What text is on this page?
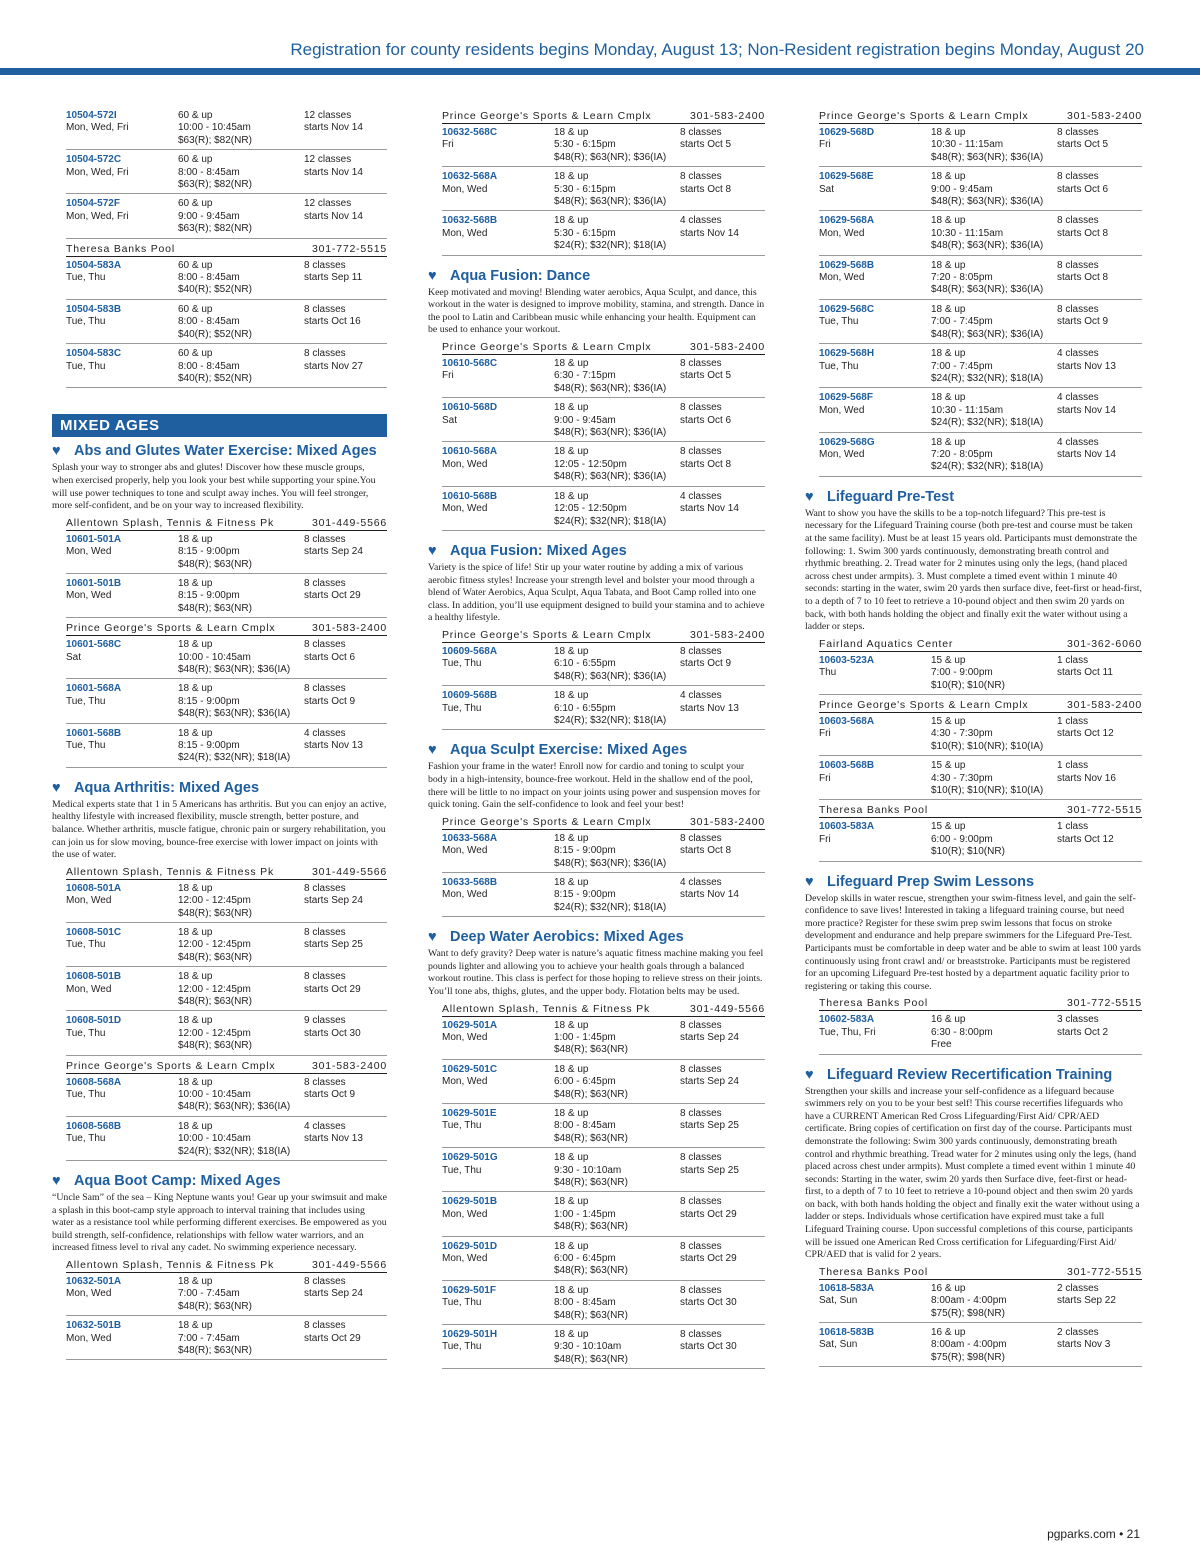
Registration for county residents begins Monday, August 13; Non-Resident registration begins Monday, August 20
10504-572I	60 & up	12 classes
Mon, Wed, Fri	10:00 - 10:45am	starts Nov 14
$63(R); $82(NR)
10504-572C	60 & up	12 classes
Mon, Wed, Fri	8:00 - 8:45am	starts Nov 14
$63(R); $82(NR)
10504-572F	60 & up	12 classes
Mon, Wed, Fri	9:00 - 9:45am	starts Nov 14
$63(R); $82(NR)
Theresa Banks Pool	301-772-5515
10504-583A	60 & up	8 classes
Tue, Thu	8:00 - 8:45am	starts Sep 11
$40(R); $52(NR)
10504-583B	60 & up	8 classes
Tue, Thu	8:00 - 8:45am	starts Oct 16
$40(R); $52(NR)
10504-583C	60 & up	8 classes
Tue, Thu	8:00 - 8:45am	starts Nov 27
$40(R); $52(NR)
MIXED AGES
♥ Abs and Glutes Water Exercise: Mixed Ages
Splash your way to stronger abs and glutes! Discover how these muscle groups, when exercised properly, help you look your best while supporting your spine.You will use power techniques to tone and sculpt away inches. You will feel stronger, more self-confident, and be on your way to increased flexibility.
Allentown Splash, Tennis & Fitness Pk	301-449-5566
10601-501A	18 & up	8 classes
Mon, Wed	8:15 - 9:00pm	starts Sep 24
$48(R); $63(NR)
10601-501B	18 & up	8 classes
Mon, Wed	8:15 - 9:00pm	starts Oct 29
$48(R); $63(NR)
Prince George's Sports & Learn Cmplx	301-583-2400
10601-568C	18 & up	8 classes
Sat	10:00 - 10:45am	starts Oct 6
$48(R); $63(NR); $36(IA)
10601-568A	18 & up	8 classes
Tue, Thu	8:15 - 9:00pm	starts Oct 9
$48(R); $63(NR); $36(IA)
10601-568B	18 & up	4 classes
Tue, Thu	8:15 - 9:00pm	starts Nov 13
$24(R); $32(NR); $18(IA)
♥ Aqua Arthritis: Mixed Ages
Medical experts state that 1 in 5 Americans has arthritis. But you can enjoy an active, healthy lifestyle with increased flexibility, muscle strength, better posture, and balance. Whether arthritis, muscle fatigue, chronic pain or surgery rehabilitation, you can join us for slow moving, bounce-free exercise with lower impact on joints with the use of water.
Allentown Splash, Tennis & Fitness Pk	301-449-5566
10608-501A	18 & up	8 classes
Mon, Wed	12:00 - 12:45pm	starts Sep 24
$48(R); $63(NR)
10608-501C	18 & up	8 classes
Tue, Thu	12:00 - 12:45pm	starts Sep 25
$48(R); $63(NR)
10608-501B	18 & up	8 classes
Mon, Wed	12:00 - 12:45pm	starts Oct 29
$48(R); $63(NR)
10608-501D	18 & up	9 classes
Tue, Thu	12:00 - 12:45pm	starts Oct 30
$48(R); $63(NR)
Prince George's Sports & Learn Cmplx	301-583-2400
10608-568A	18 & up	8 classes
Tue, Thu	10:00 - 10:45am	starts Oct 9
$48(R); $63(NR); $36(IA)
10608-568B	18 & up	4 classes
Tue, Thu	10:00 - 10:45am	starts Nov 13
$24(R); $32(NR); $18(IA)
♥ Aqua Boot Camp: Mixed Ages
“Uncle Sam” of the sea – King Neptune wants you! Gear up your swimsuit and make a splash in this boot-camp style approach to interval training that includes using water as a resistance tool while performing different exercises. Be empowered as you build strength, self-confidence, relationships with fellow water warriors, and an increased fitness level to rival any cadet. No swimming experience necessary.
Allentown Splash, Tennis & Fitness Pk	301-449-5566
10632-501A	18 & up	8 classes
Mon, Wed	7:00 - 7:45am	starts Sep 24
$48(R); $63(NR)
10632-501B	18 & up	8 classes
Mon, Wed	7:00 - 7:45am	starts Oct 29
$48(R); $63(NR)
Prince George's Sports & Learn Cmplx	301-583-2400
10632-568C	18 & up	8 classes
Fri	5:30 - 6:15pm	starts Oct 5
$48(R); $63(NR); $36(IA)
10632-568A	18 & up	8 classes
Mon, Wed	5:30 - 6:15pm	starts Oct 8
$48(R); $63(NR); $36(IA)
10632-568B	18 & up	4 classes
Mon, Wed	5:30 - 6:15pm	starts Nov 14
$24(R); $32(NR); $18(IA)
♥ Aqua Fusion: Dance
Keep motivated and moving! Blending water aerobics, Aqua Sculpt, and dance, this workout in the water is designed to improve mobility, stamina, and strength. Dance in the pool to Latin and Caribbean music while enhancing your health. Equipment can be used to enhance your workout.
Prince George's Sports & Learn Cmplx	301-583-2400
10610-568C	18 & up	8 classes
Fri	6:30 - 7:15pm	starts Oct 5
$48(R); $63(NR); $36(IA)
10610-568D	18 & up	8 classes
Sat	9:00 - 9:45am	starts Oct 6
$48(R); $63(NR); $36(IA)
10610-568A	18 & up	8 classes
Mon, Wed	12:05 - 12:50pm	starts Oct 8
$48(R); $63(NR); $36(IA)
10610-568B	18 & up	4 classes
Mon, Wed	12:05 - 12:50pm	starts Nov 14
$24(R); $32(NR); $18(IA)
♥ Aqua Fusion: Mixed Ages
Variety is the spice of life! Stir up your water routine by adding a mix of various aerobic fitness styles! Increase your strength level and bolster your mood through a blend of Water Aerobics, Aqua Sculpt, Aqua Tabata, and Boot Camp rolled into one class. In addition, you’ll use equipment designed to build your stamina and to achieve a healthy lifestyle.
Prince George's Sports & Learn Cmplx	301-583-2400
10609-568A	18 & up	8 classes
Tue, Thu	6:10 - 6:55pm	starts Oct 9
$48(R); $63(NR); $36(IA)
10609-568B	18 & up	4 classes
Tue, Thu	6:10 - 6:55pm	starts Nov 13
$24(R); $32(NR); $18(IA)
♥ Aqua Sculpt Exercise: Mixed Ages
Fashion your frame in the water! Enroll now for cardio and toning to sculpt your body in a high-intensity, bounce-free workout. Held in the shallow end of the pool, there will be little to no impact on your joints using power and suspension moves for quick toning. Gain the self-confidence to look and feel your best!
Prince George's Sports & Learn Cmplx	301-583-2400
10633-568A	18 & up	8 classes
Mon, Wed	8:15 - 9:00pm	starts Oct 8
$48(R); $63(NR); $36(IA)
10633-568B	18 & up	4 classes
Mon, Wed	8:15 - 9:00pm	starts Nov 14
$24(R); $32(NR); $18(IA)
♥ Deep Water Aerobics: Mixed Ages
Want to defy gravity? Deep water is nature’s aquatic fitness machine making you feel pounds lighter and allowing you to achieve your health goals through a balanced workout routine. This class is perfect for those hoping to relieve stress on their joints. You’ll tone abs, thighs, glutes, and the upper body. Flotation belts may be used.
Allentown Splash, Tennis & Fitness Pk	301-449-5566
10629-501A	18 & up	8 classes
Mon, Wed	1:00 - 1:45pm	starts Sep 24
$48(R); $63(NR)
10629-501C	18 & up	8 classes
Mon, Wed	6:00 - 6:45pm	starts Sep 24
$48(R); $63(NR)
10629-501E	18 & up	8 classes
Tue, Thu	8:00 - 8:45am	starts Sep 25
$48(R); $63(NR)
10629-501G	18 & up	8 classes
Tue, Thu	9:30 - 10:10am	starts Sep 25
$48(R); $63(NR)
10629-501B	18 & up	8 classes
Mon, Wed	1:00 - 1:45pm	starts Oct 29
$48(R); $63(NR)
10629-501D	18 & up	8 classes
Mon, Wed	6:00 - 6:45pm	starts Oct 29
$48(R); $63(NR)
10629-501F	18 & up	8 classes
Tue, Thu	8:00 - 8:45am	starts Oct 30
$48(R); $63(NR)
10629-501H	18 & up	8 classes
Tue, Thu	9:30 - 10:10am	starts Oct 30
$48(R); $63(NR)
Prince George's Sports & Learn Cmplx	301-583-2400
10629-568D	18 & up	8 classes
Fri	10:30 - 11:15am	starts Oct 5
$48(R); $63(NR); $36(IA)
10629-568E	18 & up	8 classes
Sat	9:00 - 9:45am	starts Oct 6
$48(R); $63(NR); $36(IA)
10629-568A	18 & up	8 classes
Mon, Wed	10:30 - 11:15am	starts Oct 8
$48(R); $63(NR); $36(IA)
10629-568B	18 & up	8 classes
Mon, Wed	7:20 - 8:05pm	starts Oct 8
$48(R); $63(NR); $36(IA)
10629-568C	18 & up	8 classes
Tue, Thu	7:00 - 7:45pm	starts Oct 9
$48(R); $63(NR); $36(IA)
10629-568H	18 & up	4 classes
Tue, Thu	7:00 - 7:45pm	starts Nov 13
$24(R); $32(NR); $18(IA)
10629-568F	18 & up	4 classes
Mon, Wed	10:30 - 11:15am	starts Nov 14
$24(R); $32(NR); $18(IA)
10629-568G	18 & up	4 classes
Mon, Wed	7:20 - 8:05pm	starts Nov 14
$24(R); $32(NR); $18(IA)
♥ Lifeguard Pre-Test
Want to show you have the skills to be a top-notch lifeguard? This pre-test is necessary for the Lifeguard Training course (both pre-test and course must be taken at the same facility). Must be at least 15 years old. Participants must demonstrate the following: 1. Swim 300 yards continuously, demonstrating breath control and rhythmic breathing. 2. Tread water for 2 minutes using only the legs, (hand placed across chest under armpits). 3. Must complete a timed event within 1 minute 40 seconds: starting in the water, swim 20 yards then surface dive, feet-first or head-first, to a depth of 7 to 10 feet to retrieve a 10-pound object and then swim 20 yards on back, with both hands holding the object and finally exit the water without using a ladder or steps.
Fairland Aquatics Center	301-362-6060
10603-523A	15 & up	1 class
Thu	7:00 - 9:00pm	starts Oct 11
$10(R); $10(NR)
Prince George's Sports & Learn Cmplx	301-583-2400
10603-568A	15 & up	1 class
Fri	4:30 - 7:30pm	starts Oct 12
$10(R); $10(NR); $10(IA)
10603-568B	15 & up	1 class
Fri	4:30 - 7:30pm	starts Nov 16
$10(R); $10(NR); $10(IA)
Theresa Banks Pool	301-772-5515
10603-583A	15 & up	1 class
Fri	6:00 - 9:00pm	starts Oct 12
$10(R); $10(NR)
♥ Lifeguard Prep Swim Lessons
Develop skills in water rescue, strengthen your swim-fitness level, and gain the self-confidence to save lives! Interested in taking a lifeguard training course, but need more practice? Register for these swim prep swim lessons that focus on stroke development and endurance and help prepare swimmers for the Lifeguard Pre-Test. Participants must be comfortable in deep water and be able to swim at least 100 yards continuously using front crawl and/ or breaststroke. Participants must be registered for an upcoming Lifeguard Pre-test hosted by a department aquatic facility prior to registering or taking this course.
Theresa Banks Pool	301-772-5515
10602-583A	16 & up	3 classes
Tue, Thu, Fri	6:30 - 8:00pm	starts Oct 2
Free
♥ Lifeguard Review Recertification Training
Strengthen your skills and increase your self-confidence as a lifeguard because swimmers rely on you to be your best self! This course recertifies lifeguards who have a CURRENT American Red Cross Lifeguarding/First Aid/ CPR/AED certificate. Bring copies of certification on first day of the course. Participants must demonstrate the following: Swim 300 yards continuously, demonstrating breath control and rhythmic breathing. Tread water for 2 minutes using only the legs, (hand placed across chest under armpits). Must complete a timed event within 1 minute 40 seconds: Starting in the water, swim 20 yards then Surface dive, feet-first or head-first, to a depth of 7 to 10 feet to retrieve a 10-pound object and then swim 20 yards on back, with both hands holding the object and finally exit the water without using a ladder or steps. Individuals whose certification have expired must take a full Lifeguard Training course. Upon successful completions of this course, participants will be issued one American Red Cross certification for Lifeguarding/First Aid/ CPR/AED that is valid for 2 years.
Theresa Banks Pool	301-772-5515
10618-583A	16 & up	2 classes
Sat, Sun	8:00am - 4:00pm	starts Sep 22
$75(R); $98(NR)
10618-583B	16 & up	2 classes
Sat, Sun	8:00am - 4:00pm	starts Nov 3
$75(R); $98(NR)
pgparks.com • 21
